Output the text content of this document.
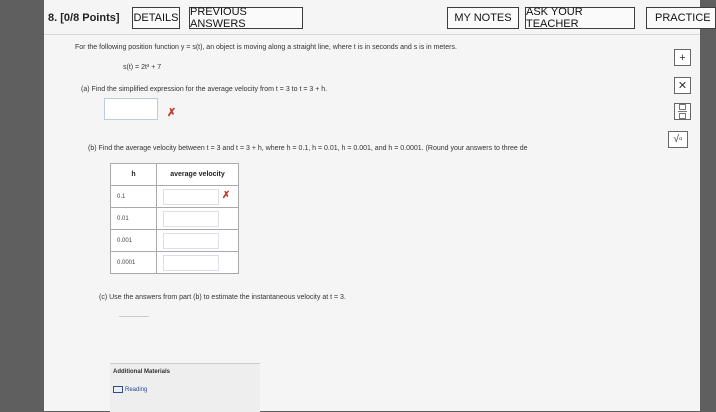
8. [0/8 Points] DETAILS PREVIOUS ANSWERS	MY NOTES	ASK YOUR TEACHER	PRACTICE
For the following position function y = s(t), an object is moving along a straight line, where t is in seconds and s is in meters.
s(t) = 2t³ + 7
(a) Find the simplified expression for the average velocity from t = 3 to t = 3 + h.
✗
(b) Find the average velocity between t = 3 and t = 3 + h, where h = 0.1, h = 0.01, h = 0.001, and h = 0.0001. (Round your answers to three de
h	average velocity
0.1	✗

0.01	

0.001	

0.0001	
(c) Use the answers from part (b) to estimate the instantaneous velocity at t = 3.
Additional Materials
Reading
+
✕
√▫
